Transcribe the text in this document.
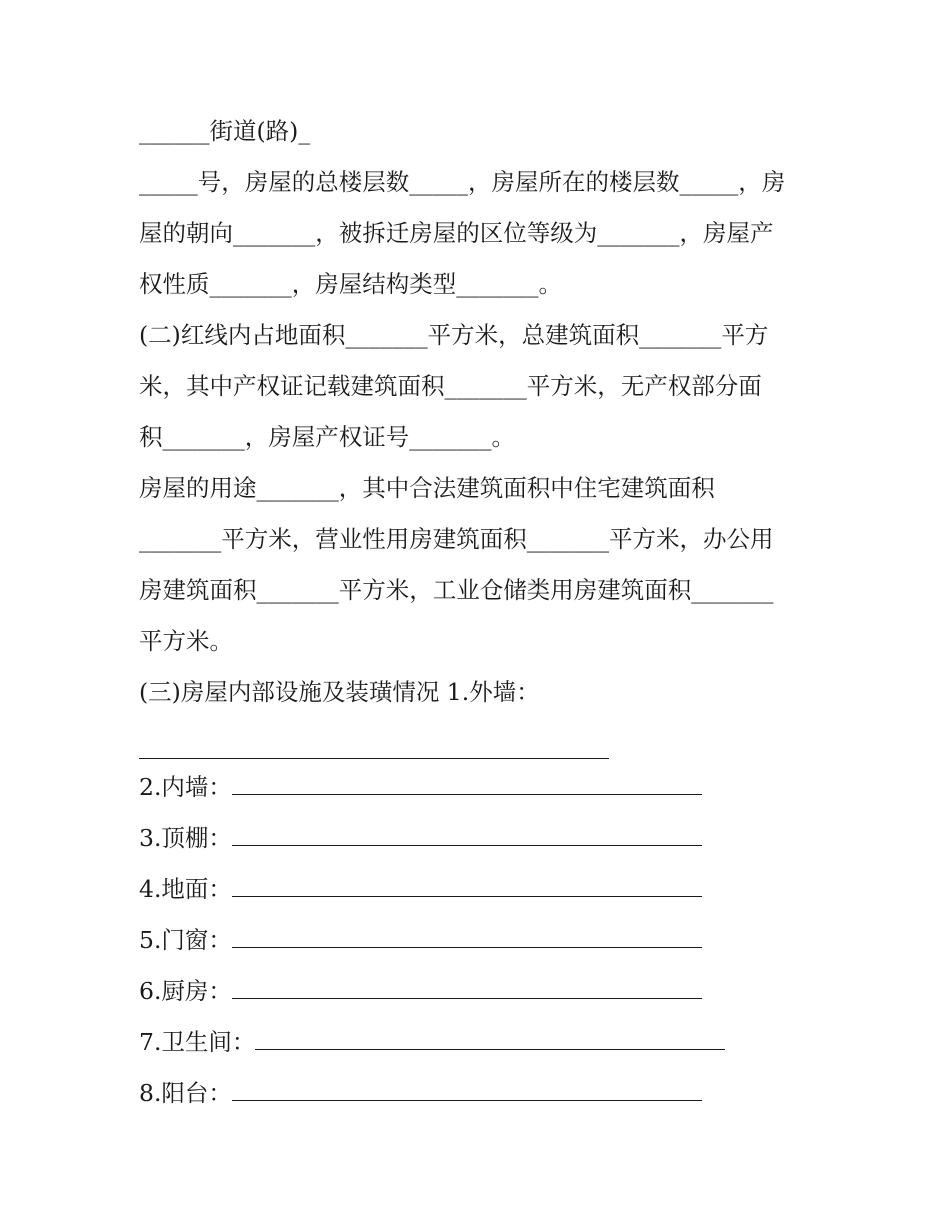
______街道(路)_
_____号，房屋的总楼层数_____，房屋所在的楼层数_____，房
屋的朝向_______，被拆迁房屋的区位等级为_______，房屋产
权性质_______，房屋结构类型_______。
(二)红线内占地面积_______平方米，总建筑面积_______平方
米，其中产权证记载建筑面积_______平方米，无产权部分面
积_______，房屋产权证号_______。
房屋的用途_______，其中合法建筑面积中住宅建筑面积
_______平方米，营业性用房建筑面积_______平方米，办公用
房建筑面积_______平方米，工业仓储类用房建筑面积_______
平方米。
(三)房屋内部设施及装璜情况 1.外墙：
2.内墙：
3.顶棚：
4.地面：
5.门窗：
6.厨房：
7.卫生间：
8.阳台：
